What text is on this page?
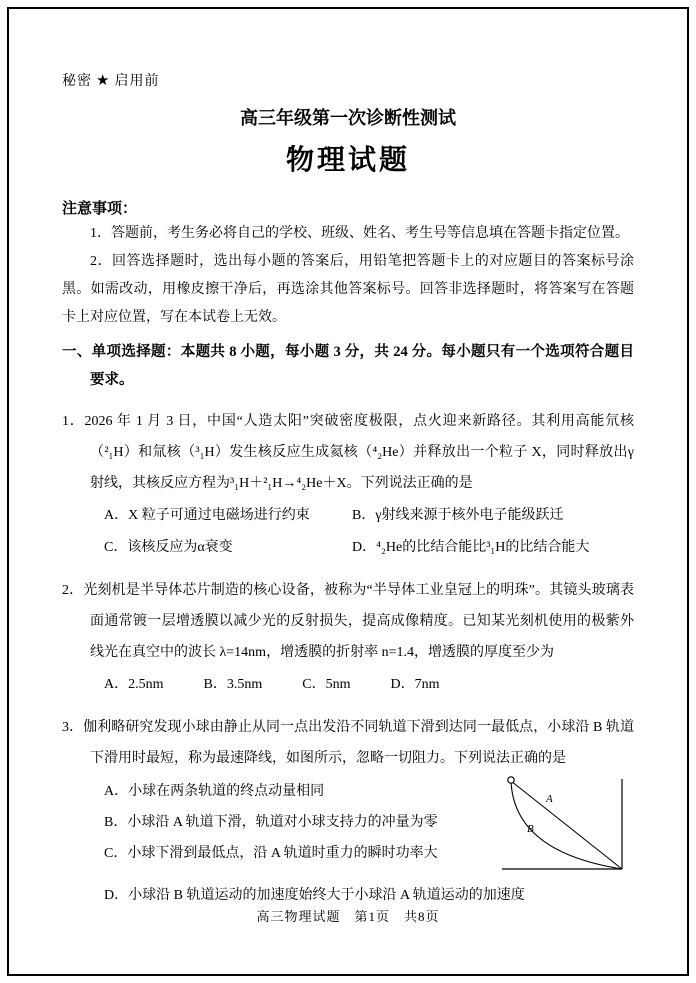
秘密 ★ 启用前
高三年级第一次诊断性测试
物理试题
注意事项：

1．答题前，考生务必将自己的学校、班级、姓名、考生号等信息填在答题卡指定位置。

2．回答选择题时，选出每小题的答案后，用铅笔把答题卡上的对应题目的答案标号涂黑。如需改动，用橡皮擦干净后，再选涂其他答案标号。回答非选择题时，将答案写在答题卡上对应位置，写在本试卷上无效。

一、单项选择题：本题共 8 小题，每小题 3 分，共 24 分。每小题只有一个选项符合题目要求。

1．2026 年 1 月 3 日，中国“人造太阳”突破密度极限，点火迎来新路径。其利用高能氘核（²₁H）和氚核（³₁H）发生核反应生成氦核（⁴₂He）并释放出一个粒子 X，同时释放出γ射线，其核反应方程为³₁H＋²₁H→⁴₂He＋X。下列说法正确的是

A．X 粒子可通过电磁场进行约束	B．γ射线来源于核外电子能级跃迁
C．该核反应为α衰变	D．⁴₂He的比结合能比³₁H的比结合能大

2．光刻机是半导体芯片制造的核心设备，被称为“半导体工业皇冠上的明珠”。其镜头玻璃表面通常镀一层增透膜以减少光的反射损失，提高成像精度。已知某光刻机使用的极紫外线光在真空中的波长 λ=14nm，增透膜的折射率 n=1.4，增透膜的厚度至少为

A．2.5nm	B．3.5nm	C．5nm	D．7nm

3．伽利略研究发现小球由静止从同一点出发沿不同轨道下滑到达同一最低点，小球沿 B 轨道下滑用时最短，称为最速降线，如图所示，忽略一切阻力。下列说法正确的是

A
B

A．小球在两条轨道的终点动量相同

B．小球沿 A 轨道下滑，轨道对小球支持力的冲量为零

C．小球下滑到最低点，沿 A 轨道时重力的瞬时功率大

D．小球沿 B 轨道运动的加速度始终大于小球沿 A 轨道运动的加速度

高三物理试题　第1页　共8页
